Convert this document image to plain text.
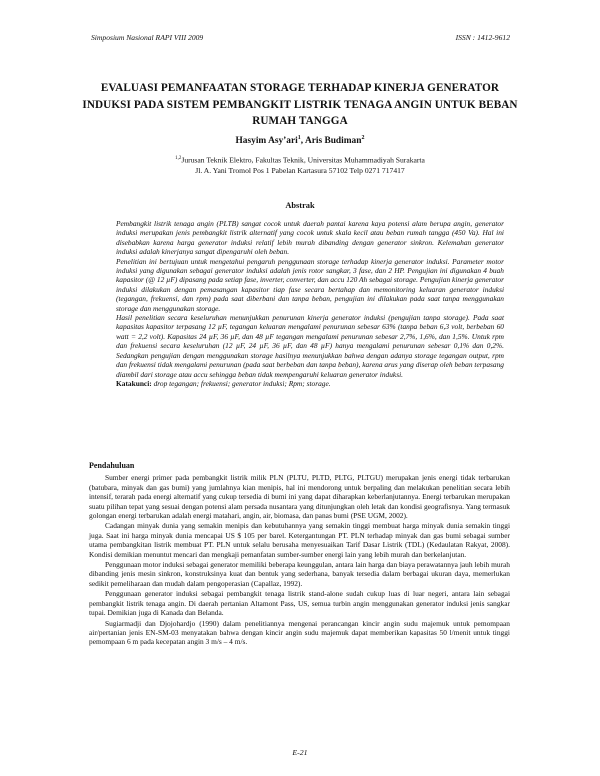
Simposium Nasional RAPI VIII 2009	ISSN : 1412-9612
EVALUASI PEMANFAATAN STORAGE TERHADAP KINERJA GENERATOR INDUKSI PADA SISTEM PEMBANGKIT LISTRIK TENAGA ANGIN UNTUK BEBAN RUMAH TANGGA
Hasyim Asy’ari$^1$, Aris Budiman$^2$
$^{1,2}$Jurusan Teknik Elektro, Fakultas Teknik, Universitas Muhammadiyah Surakarta
Jl. A. Yani Tromol Pos 1 Pabelan Kartasura 57102 Telp 0271 717417
Abstrak

Pembangkit listrik tenaga angin (PLTB) sangat cocok untuk daerah pantai karena kaya potensi alam berupa angin, generator induksi merupakan jenis pembangkit listrik alternatif yang cocok untuk skala kecil atau beban rumah tangga (450 Va). Hal ini disebabkan karena harga generator induksi relatif lebih murah dibanding dengan generator sinkron. Kelemahan generator induksi adalah kinerjanya sangat dipengaruhi oleh beban.

Penelitian ini bertujuan untuk mengetahui pengaruh penggunaan storage terhadap kinerja generator induksi. Parameter motor induksi yang digunakan sebagai generator induksi adalah jenis rotor sangkar, 3 fase, dan 2 HP. Pengujian ini digunakan 4 buah kapasitor (@ 12 µF) dipasang pada setiap fase, inverter, converter, dan accu 120 Ah sebagai storage. Pengujian kinerja generator induksi dilakukan dengan pemasangan kapasitor tiap fase secara bertahap dan memonitoring keluaran generator induksi (tegangan, frekuensi, dan rpm) pada saat diberbani dan tanpa beban, pengujian ini dilakukan pada saat tanpa menggunakan storage dan menggunakan storage.

Hasil penelitian secara keseluruhan menunjukkan penurunan kinerja generator induksi (pengujian tanpa storage). Pada saat kapasitas kapasitor terpasang 12 µF, tegangan keluaran mengalami penurunan sebesar 63% (tanpa beban 6,3 volt, berbeban 60 watt = 2,2 volt). Kapasitas 24 µF, 36 µF, dan 48 µF tegangan mengalami penurunan sebesar 2,7%, 1,6%, dan 1,5%. Untuk rpm dan frekuensi secara keseluruhan (12 µF, 24 µF, 36 µF, dan 48 µF) hanya mengalami penurunan sebesar 0,1% dan 0,2%. Sedangkan pengujian dengan menggunakan storage hasilnya menunjukkan bahwa dengan adanya storage tegangan output, rpm dan frekuensi tidak mengalami penurunan (pada saat berbeban dan tanpa beban), karena arus yang diserap oleh beban terpasang diambil dari storage atau accu sehingga beban tidak mempengaruhi keluaran generator induksi.

Katakunci: drop tegangan; frekuensi; generator induksi; Rpm; storage.

Pendahuluan

Sumber energi primer pada pembangkit listrik milik PLN (PLTU, PLTD, PLTG, PLTGU) merupakan jenis energi tidak terbarukan (batubara, minyak dan gas bumi) yang jumlahnya kian menipis, hal ini mendorong untuk berpaling dan melakukan penelitian secara lebih intensif, terarah pada energi alternatif yang cukup tersedia di bumi ini yang dapat diharapkan keberlanjutannya. Energi terbarukan merupakan suatu pilihan tepat yang sesuai dengan potensi alam persada nusantara yang ditunjungkan oleh letak dan kondisi geografisnya. Yang termasuk golongan energi terbarukan adalah energi matahari, angin, air, biomasa, dan panas bumi (PSE UGM, 2002).

Cadangan minyak dunia yang semakin menipis dan kebutuhannya yang semakin tinggi membuat harga minyak dunia semakin tinggi juga. Saat ini harga minyak dunia mencapai US $ 105 per barel. Ketergantungan PT. PLN terhadap minyak dan gas bumi sebagai sumber utama pembangkitan listrik membuat PT. PLN untuk selalu berusaha menyesuaikan Tarif Dasar Listrik (TDL) (Kedaulatan Rakyat, 2008). Kondisi demikian menuntut mencari dan mengkaji pemanfatan sumber-sumber energi lain yang lebih murah dan berkelanjutan.

Penggunaan motor induksi sebagai generator memiliki beberapa keunggulan, antara lain harga dan biaya perawatannya jauh lebih murah dibanding jenis mesin sinkron, konstruksinya kuat dan bentuk yang sederhana, banyak tersedia dalam berbagai ukuran daya, memerlukan sedikit pemeliharaan dan mudah dalam pengoperasian (Capallaz, 1992).

Penggunaan generator induksi sebagai pembangkit tenaga listrik stand-alone sudah cukup luas di luar negeri, antara lain sebagai pembangkit listrik tenaga angin. Di daerah pertanian Altamont Pass, US, semua turbin angin menggunakan generator induksi jenis sangkar tupai. Demikian juga di Kanada dan Belanda.

Sugiarmadji dan Djojohardjo (1990) dalam penelitiannya mengenai perancangan kincir angin sudu majemuk untuk pemompaan air/pertanian jenis EN-SM-03 menyatakan bahwa dengan kincir angin sudu majemuk dapat memberikan kapasitas 50 l/menit untuk tinggi pemompaan 6 m pada kecepatan angin 3 m/s – 4 m/s.

E-21
